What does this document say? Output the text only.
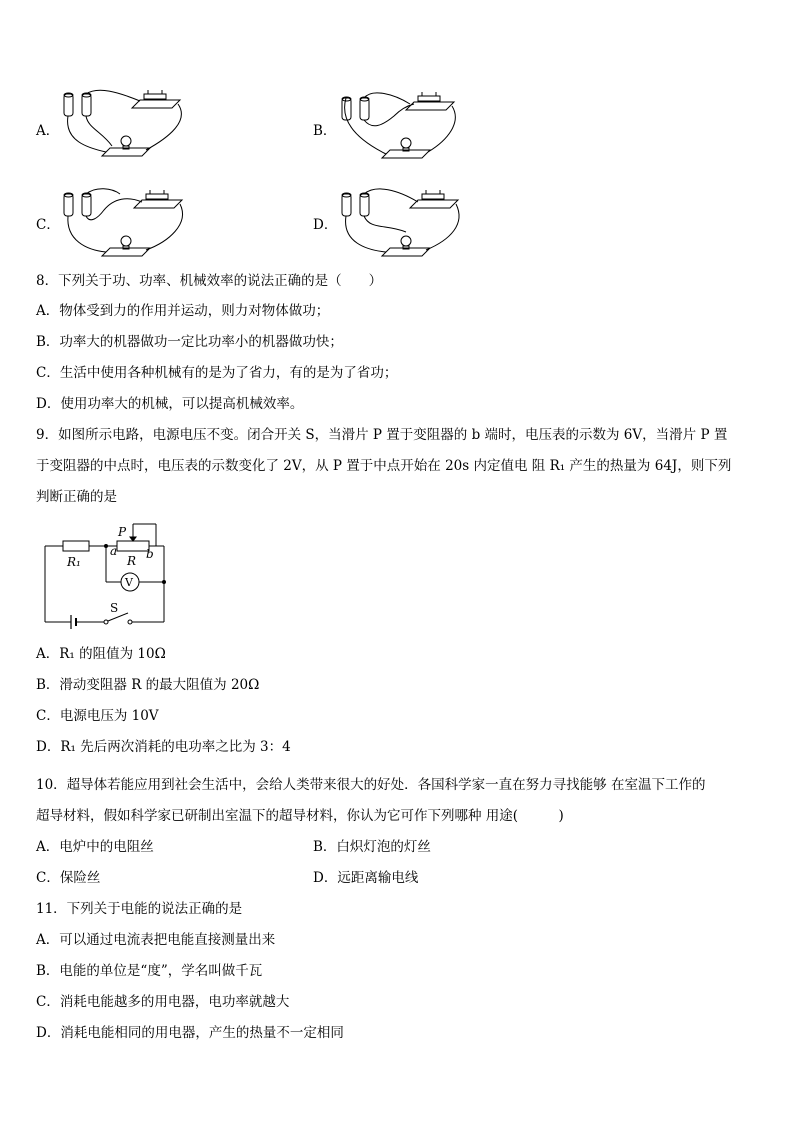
A．	B．
C．	D．
8．下列关于功、功率、机械效率的说法正确的是（　　）
A．物体受到力的作用并运动，则力对物体做功；
B．功率大的机器做功一定比功率小的机器做功快；
C．生活中使用各种机械有的是为了省力，有的是为了省功；
D．使用功率大的机械，可以提高机械效率。
9．如图所示电路，电源电压不变。闭合开关 S，当滑片 P 置于变阻器的 b 端时，电压表的示数为 6V，当滑片 P 置
于变阻器的中点时，电压表的示数变化了 2V，从 P 置于中点开始在 20s 内定值电 阻 R₁ 产生的热量为 64J，则下列
判断正确的是
R₁	R
P
a b
V
S
A．R₁ 的阻值为 10Ω
B．滑动变阻器 R 的最大阻值为 20Ω
C．电源电压为 10V
D．R₁ 先后两次消耗的电功率之比为 3：4
10．超导体若能应用到社会生活中，会给人类带来很大的好处．各国科学家一直在努力寻找能够 在室温下工作的
超导材料，假如科学家已研制出室温下的超导材料，你认为它可作下列哪种 用途(　　　)
A．电炉中的电阻丝	B．白炽灯泡的灯丝
C．保险丝	D．远距离输电线
11．下列关于电能的说法正确的是
A．可以通过电流表把电能直接测量出来
B．电能的单位是“度”，学名叫做千瓦
C．消耗电能越多的用电器，电功率就越大
D．消耗电能相同的用电器，产生的热量不一定相同
